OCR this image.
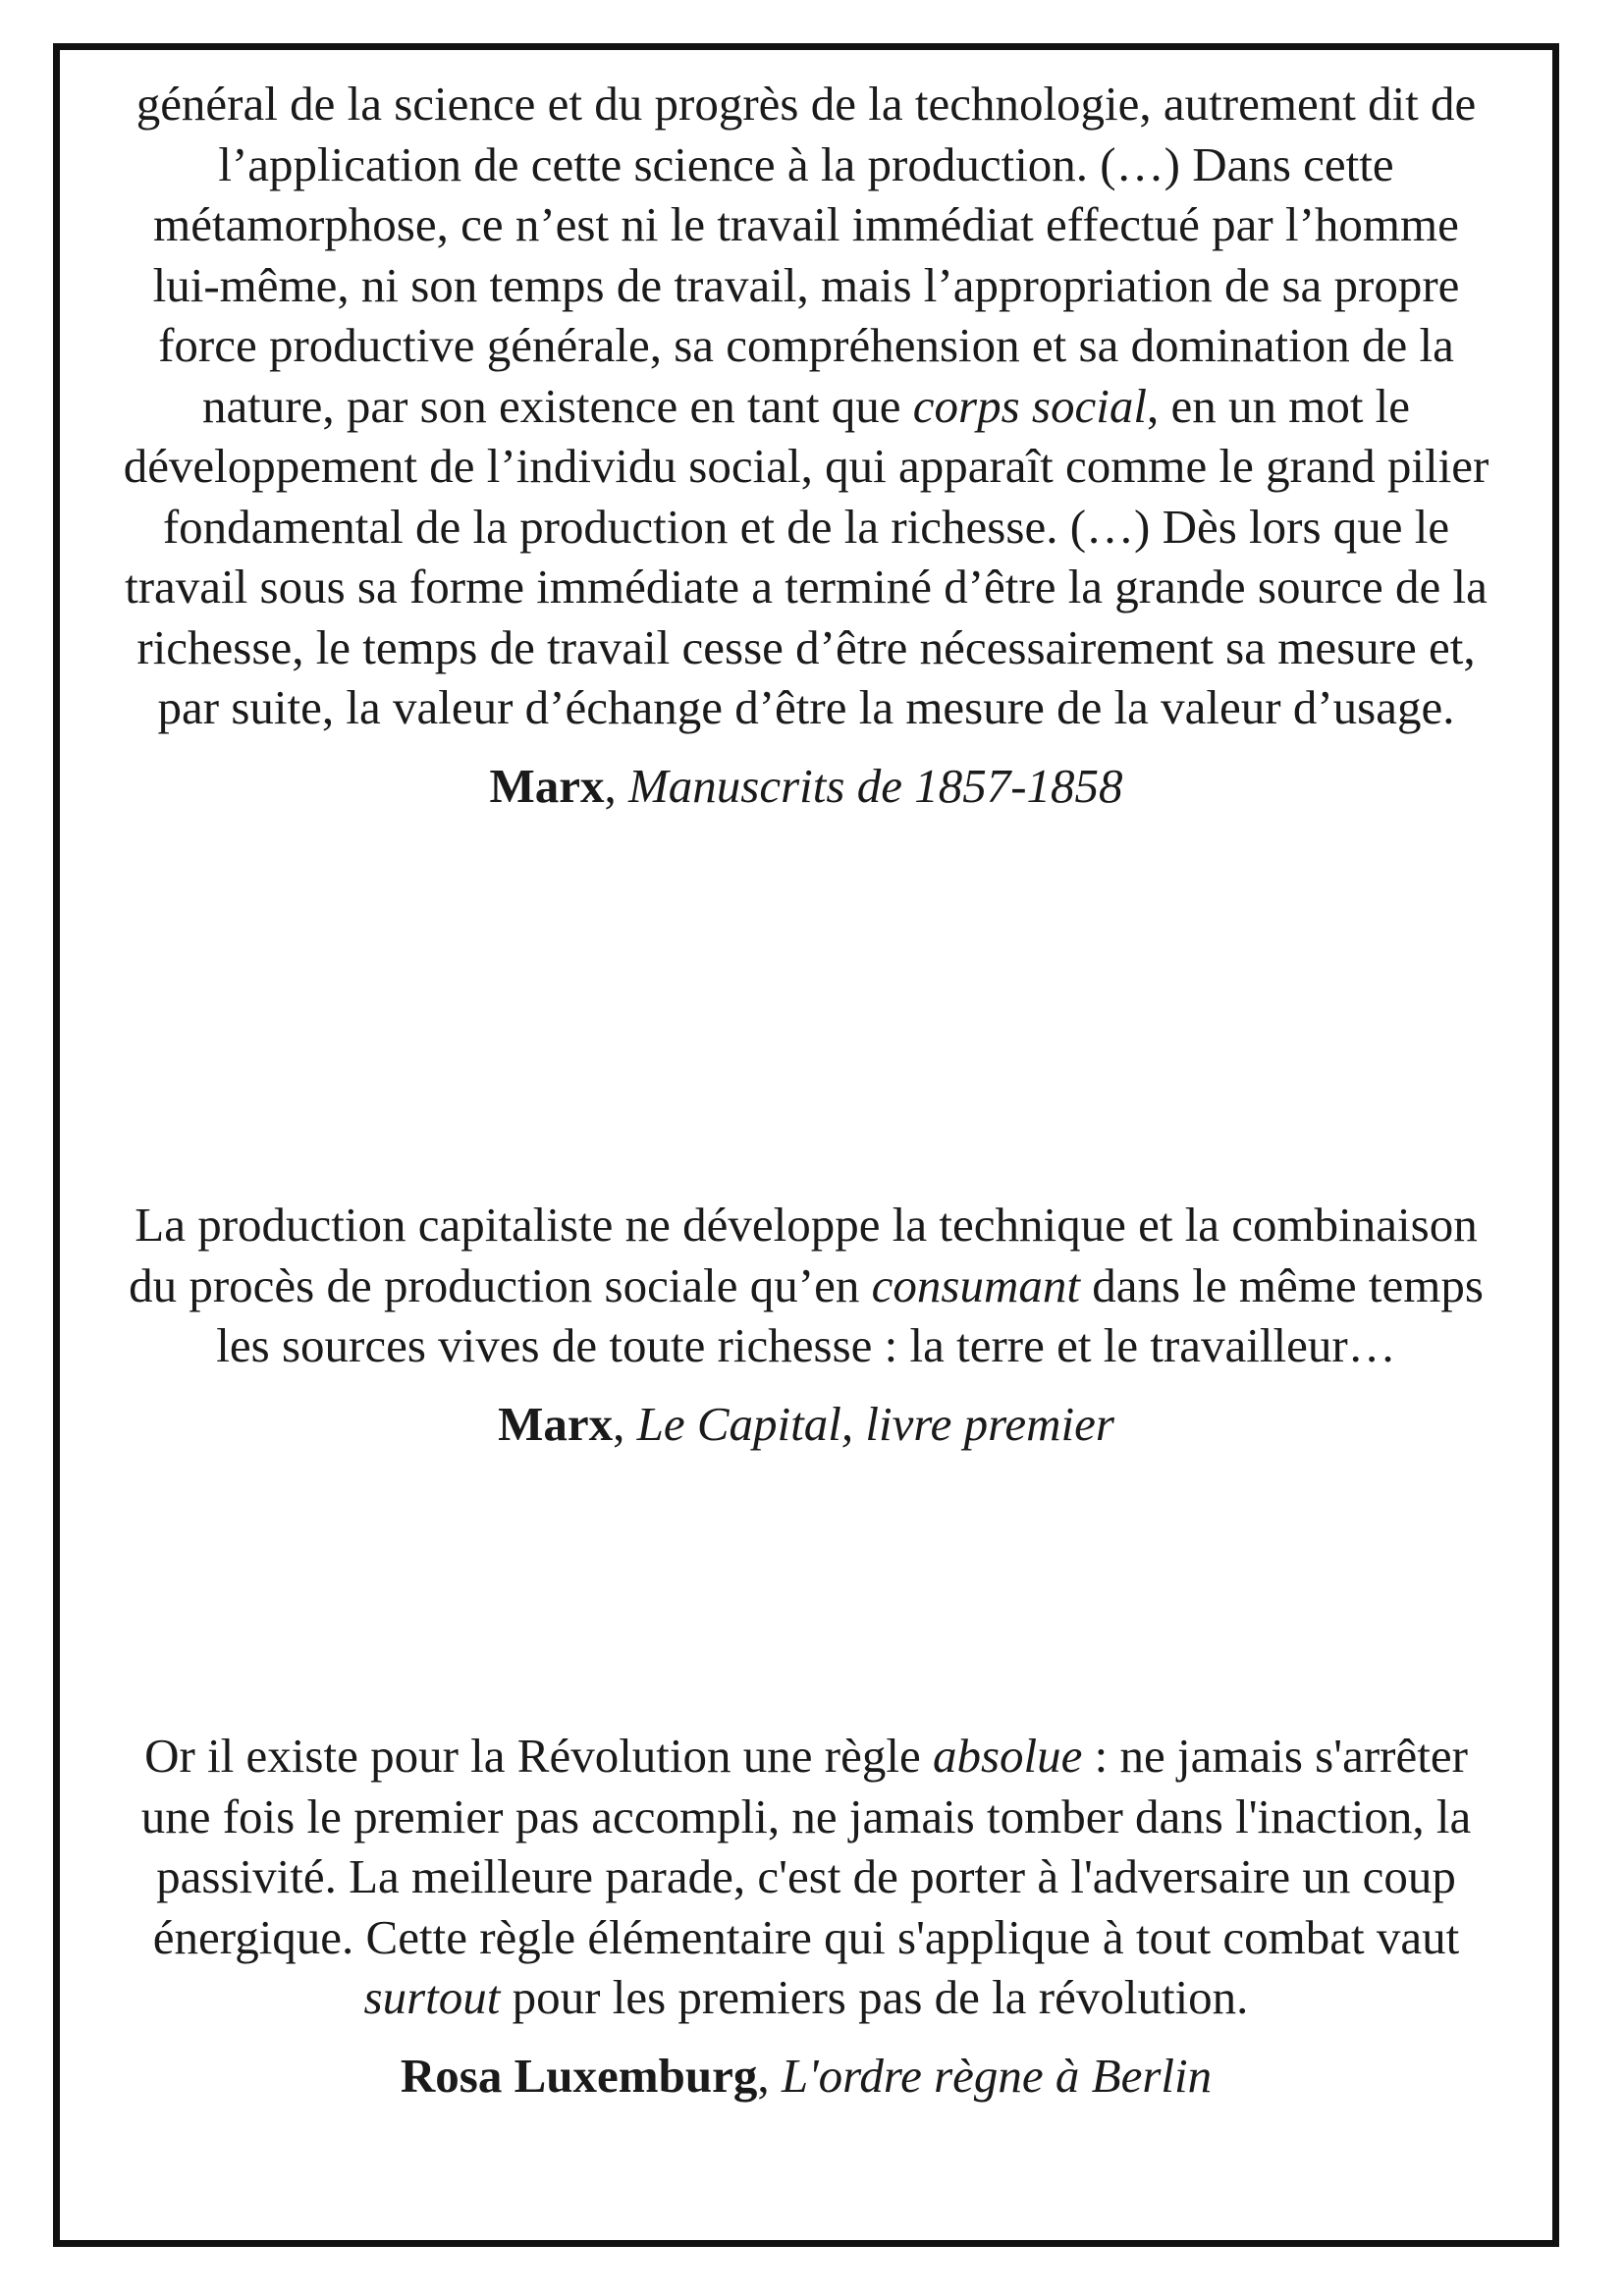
général de la science et du progrès de la technologie, autrement dit de l’application de cette science à la production. (…) Dans cette métamorphose, ce n’est ni le travail immédiat effectué par l’homme lui-même, ni son temps de travail, mais l’appropriation de sa propre force productive générale, sa compréhension et sa domination de la nature, par son existence en tant que corps social, en un mot le développement de l’individu social, qui apparaît comme le grand pilier fondamental de la production et de la richesse. (…) Dès lors que le travail sous sa forme immédiate a terminé d’être la grande source de la richesse, le temps de travail cesse d’être nécessairement sa mesure et, par suite, la valeur d’échange d’être la mesure de la valeur d’usage.

Marx, Manuscrits de 1857-1858

La production capitaliste ne développe la technique et la combinaison du procès de production sociale qu’en consumant dans le même temps les sources vives de toute richesse : la terre et le travailleur…

Marx, Le Capital, livre premier

Or il existe pour la Révolution une règle absolue : ne jamais s'arrêter une fois le premier pas accompli, ne jamais tomber dans l'inaction, la passivité. La meilleure parade, c'est de porter à l'adversaire un coup énergique. Cette règle élémentaire qui s'applique à tout combat vaut surtout pour les premiers pas de la révolution.

Rosa Luxemburg, L'ordre règne à Berlin
